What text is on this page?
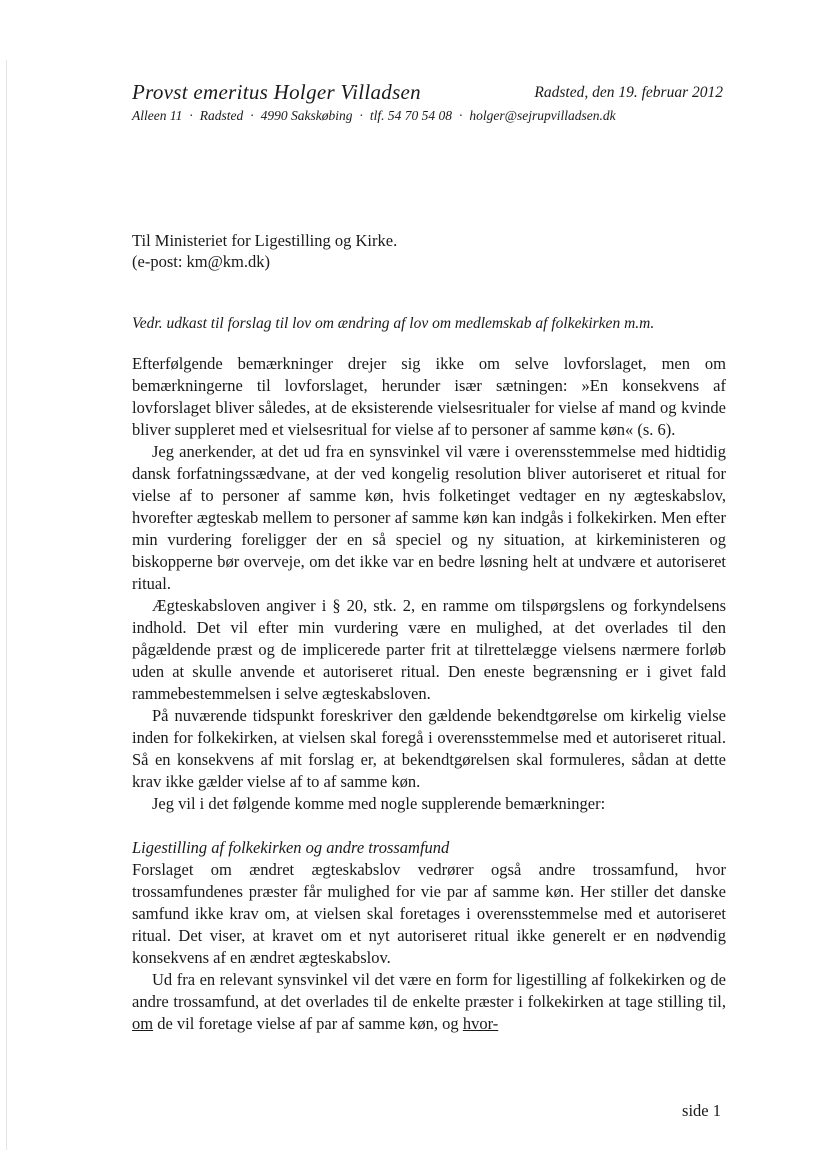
Provst emeritus Holger Villadsen	Radsted, den 19. februar 2012
Alleen 11 · Radsted · 4990 Sakskøbing · tlf. 54 70 54 08 · holger@sejrupvilladsen.dk
Til Ministeriet for Ligestilling og Kirke.
(e-post: km@km.dk)
Vedr. udkast til forslag til lov om ændring af lov om medlemskab af folkekirken m.m.

Efterfølgende bemærkninger drejer sig ikke om selve lovforslaget, men om bemærkningerne til lovforslaget, herunder især sætningen: »En konsekvens af lovforslaget bliver således, at de eksisterende vielsesritualer for vielse af mand og kvinde bliver suppleret med et vielsesritual for vielse af to personer af samme køn« (s. 6).

Jeg anerkender, at det ud fra en synsvinkel vil være i overensstemmelse med hidtidig dansk forfatningssædvane, at der ved kongelig resolution bliver autoriseret et ritual for vielse af to personer af samme køn, hvis folketinget vedtager en ny ægteskabslov, hvorefter ægteskab mellem to personer af samme køn kan indgås i folkekirken. Men efter min vurdering foreligger der en så speciel og ny situation, at kirkeministeren og biskopperne bør overveje, om det ikke var en bedre løsning helt at undvære et autoriseret ritual.

Ægteskabsloven angiver i § 20, stk. 2, en ramme om tilspørgslens og forkyndelsens indhold. Det vil efter min vurdering være en mulighed, at det overlades til den pågældende præst og de implicerede parter frit at tilrettelægge vielsens nærmere forløb uden at skulle anvende et autoriseret ritual. Den eneste begrænsning er i givet fald rammebestemmelsen i selve ægteskabsloven.

På nuværende tidspunkt foreskriver den gældende bekendtgørelse om kirkelig vielse inden for folkekirken, at vielsen skal foregå i overensstemmelse med et autoriseret ritual. Så en konsekvens af mit forslag er, at bekendtgørelsen skal formuleres, sådan at dette krav ikke gælder vielse af to af samme køn.

Jeg vil i det følgende komme med nogle supplerende bemærkninger:

Ligestilling af folkekirken og andre trossamfund

Forslaget om ændret ægteskabslov vedrører også andre trossamfund, hvor trossamfundenes præster får mulighed for vie par af samme køn. Her stiller det danske samfund ikke krav om, at vielsen skal foretages i overensstemmelse med et autoriseret ritual. Det viser, at kravet om et nyt autoriseret ritual ikke generelt er en nødvendig konsekvens af en ændret ægteskabslov.

Ud fra en relevant synsvinkel vil det være en form for ligestilling af folkekirken og de andre trossamfund, at det overlades til de enkelte præster i folkekirken at tage stilling til, om de vil foretage vielse af par af samme køn, og hvor-

side 1
